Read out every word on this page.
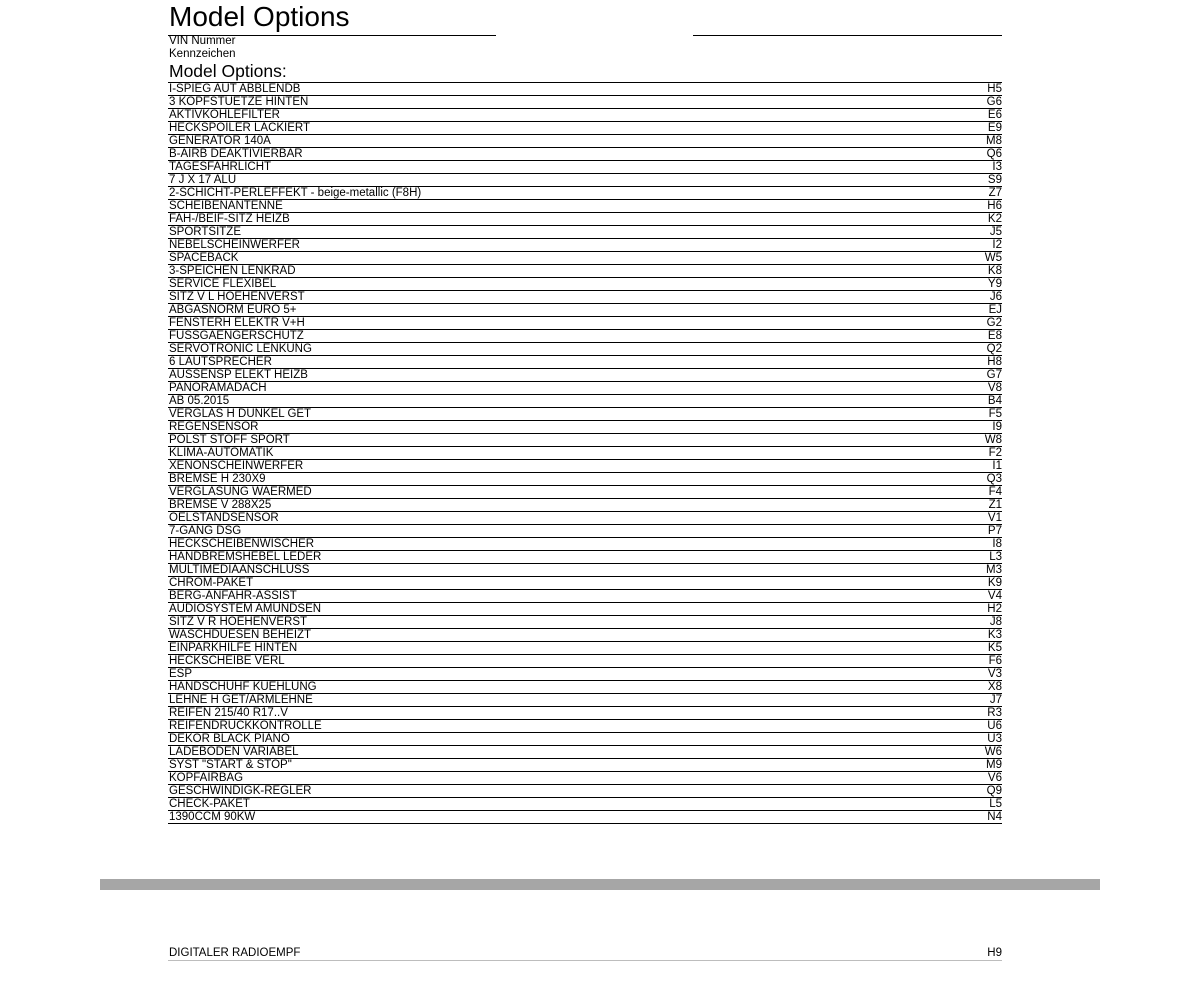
Model Options
VIN Nummer
Kennzeichen
Model Options:
I-SPIEG AUT ABBLENDB	H5
3 KOPFSTUETZE HINTEN	G6
AKTIVKOHLEFILTER	E6
HECKSPOILER LACKIERT	E9
GENERATOR 140A	M8
B-AIRB DEAKTIVIERBAR	Q6
TAGESFAHRLICHT	I3
7 J X 17 ALU	S9
2-SCHICHT-PERLEFFEKT - beige-metallic (F8H)	Z7
SCHEIBENANTENNE	H6
FAH-/BEIF-SITZ HEIZB	K2
SPORTSITZE	J5
NEBELSCHEINWERFER	I2
SPACEBACK	W5
3-SPEICHEN LENKRAD	K8
SERVICE FLEXIBEL	Y9
SITZ V L HOEHENVERST	J6
ABGASNORM EURO 5+	EJ
FENSTERH ELEKTR V+H	G2
FUSSGAENGERSCHUTZ	E8
SERVOTRONIC LENKUNG	Q2
6 LAUTSPRECHER	H8
AUSSENSP ELEKT HEIZB	G7
PANORAMADACH	V8
AB 05.2015	B4
VERGLAS H DUNKEL GET	F5
REGENSENSOR	I9
POLST STOFF SPORT	W8
KLIMA-AUTOMATIK	F2
XENONSCHEINWERFER	I1
BREMSE H 230X9	Q3
VERGLASUNG WAERMED	F4
BREMSE V 288X25	Z1
OELSTANDSENSOR	V1
7-GANG DSG	P7
HECKSCHEIBENWISCHER	I8
HANDBREMSHEBEL LEDER	L3
MULTIMEDIAANSCHLUSS	M3
CHROM-PAKET	K9
BERG-ANFAHR-ASSIST	V4
AUDIOSYSTEM AMUNDSEN	H2
SITZ V R HOEHENVERST	J8
WASCHDUESEN BEHEIZT	K3
EINPARKHILFE HINTEN	K5
HECKSCHEIBE VERL	F6
ESP	V3
HANDSCHUHF KUEHLUNG	X8
LEHNE H GET/ARMLEHNE	J7
REIFEN 215/40 R17..V	R3
REIFENDRUCKKONTROLLE	U6
DEKOR BLACK PIANO	U3
LADEBODEN VARIABEL	W6
SYST "START & STOP"	M9
KOPFAIRBAG	V6
GESCHWINDIGK-REGLER	Q9
CHECK-PAKET	L5
1390CCM 90KW	N4
DIGITALER RADIOEMPF	H9
